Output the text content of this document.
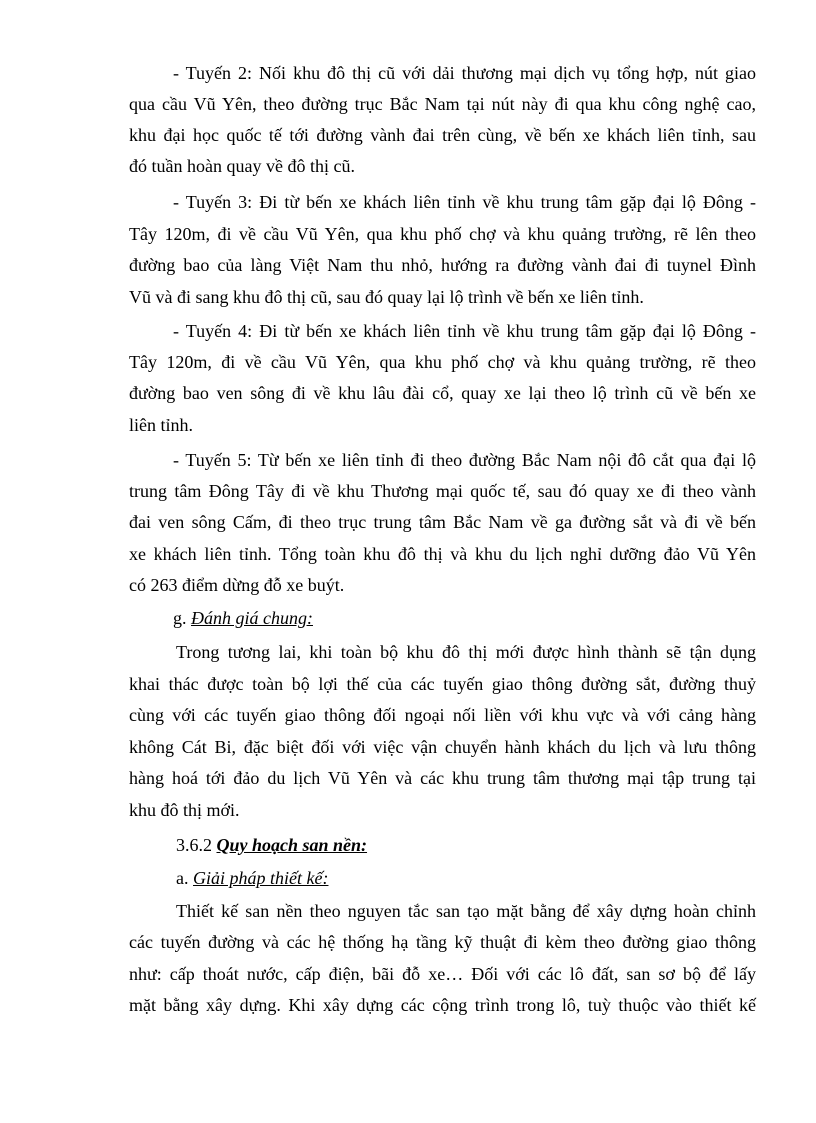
- Tuyến 2: Nối khu đô thị cũ với dải thương mại dịch vụ tổng hợp, nút giao
qua cầu Vũ Yên, theo đường trục Bắc Nam tại nút này đi qua khu công nghệ cao,
khu đại học quốc tế tới đường vành đai trên cùng, về bến xe khách liên tỉnh, sau
đó tuần hoàn quay về đô thị cũ.
- Tuyến 3: Đi từ bến xe khách liên tỉnh về khu trung tâm gặp đại lộ Đông -
Tây 120m, đi về cầu Vũ Yên, qua khu phố chợ và khu quảng trường, rẽ lên theo
đường bao của làng Việt Nam thu nhỏ, hướng ra đường vành đai đi tuynel Đình
Vũ và đi sang khu đô thị cũ, sau đó quay lại lộ trình về bến xe liên tỉnh.
- Tuyến 4: Đi từ bến xe khách liên tỉnh về khu trung tâm gặp đại lộ Đông -
Tây 120m, đi về cầu Vũ Yên, qua khu phố chợ và khu quảng trường, rẽ theo
đường bao ven sông đi về khu lâu đài cổ, quay xe lại theo lộ trình cũ về bến xe
liên tỉnh.
- Tuyến 5: Từ bến xe liên tỉnh đi theo đường Bắc Nam nội đô cắt qua đại lộ
trung tâm Đông Tây đi về khu Thương mại quốc tế, sau đó quay xe đi theo vành
đai ven sông Cấm, đi theo trục trung tâm Bắc Nam về ga đường sắt và đi về bến
xe khách liên tỉnh. Tổng toàn khu đô thị và khu du lịch nghỉ dưỡng đảo Vũ Yên
có 263 điểm dừng đỗ xe buýt.
g. Đánh giá chung:
Trong tương lai, khi toàn bộ khu đô thị mới được hình thành sẽ tận dụng
khai thác được toàn bộ lợi thế của các tuyến giao thông đường sắt, đường thuỷ
cùng với các tuyến giao thông đối ngoại nối liền với khu vực và với cảng hàng
không Cát Bi, đặc biệt đối với việc vận chuyển hành khách du lịch và lưu thông
hàng hoá tới đảo du lịch Vũ Yên và các khu trung tâm thương mại tập trung tại
khu đô thị mới.
3.6.2 Quy hoạch san nền:
a. Giải pháp thiết kế:
Thiết kế san nền theo nguyen tắc san tạo mặt bằng để xây dựng hoàn chỉnh
các tuyến đường và các hệ thống hạ tầng kỹ thuật đi kèm theo đường giao thông
như: cấp thoát nước, cấp điện, bãi đỗ xe… Đối với các lô đất, san sơ bộ để lấy
mặt bằng xây dựng. Khi xây dựng các cộng trình trong lô, tuỳ thuộc vào thiết kế
